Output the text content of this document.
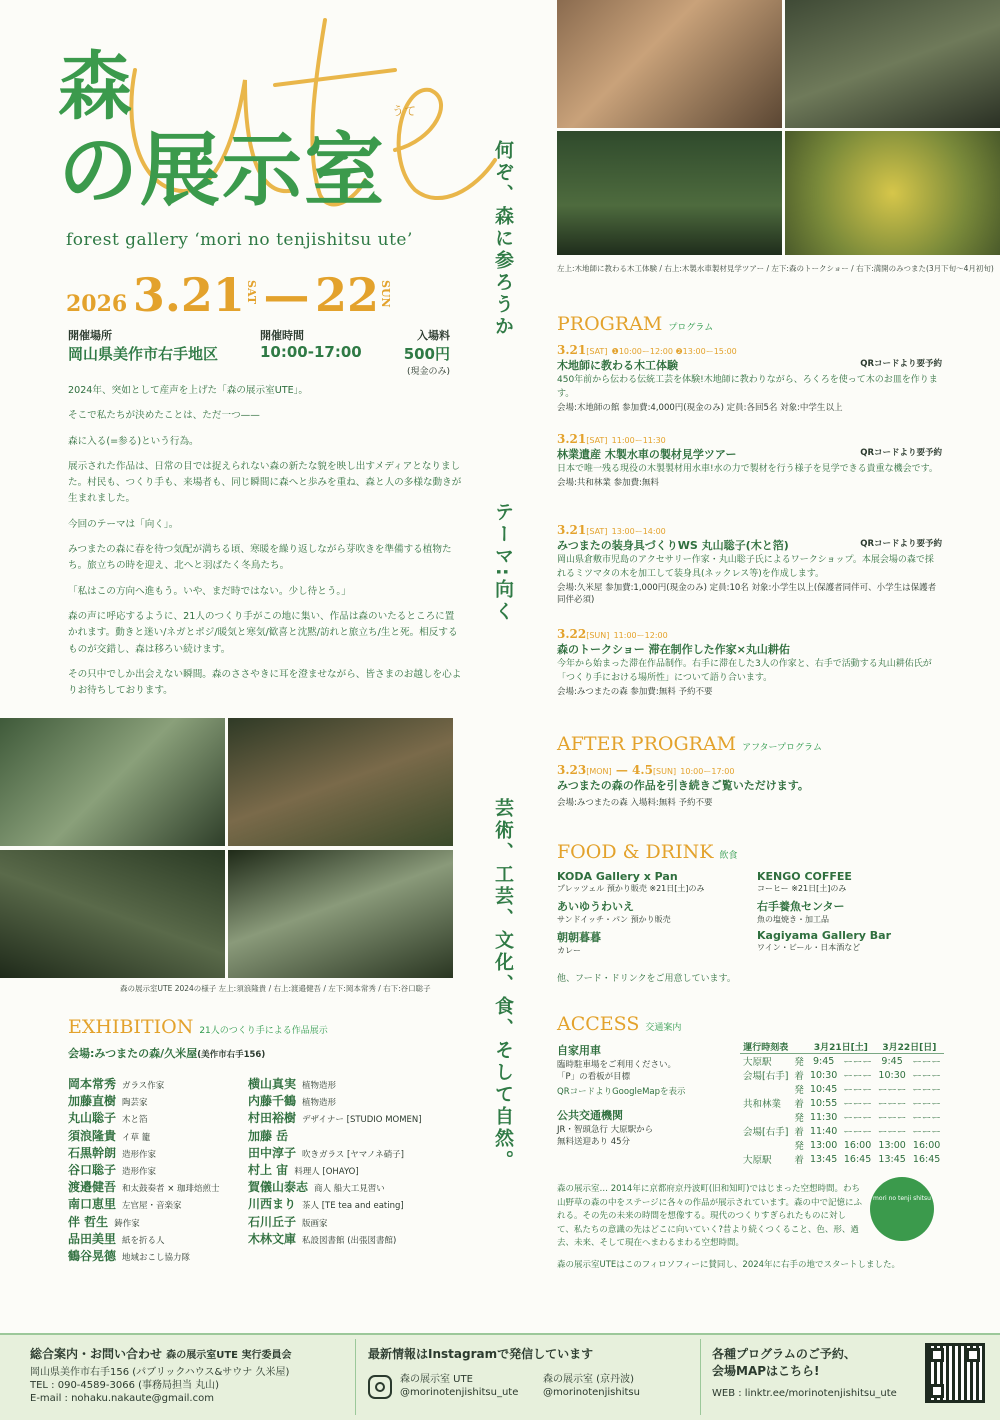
森
の展示室
うて
forest gallery ‘mori no tenjishitsu ute’
2026 3.21SAT — 22SUN
開催場所
岡山県美作市右手地区
開催時間
10:00-17:00
入場料
500円
(現金のみ)

2024年、突如として産声を上げた「森の展示室UTE」。

そこで私たちが決めたことは、ただ一つ——

森に入る(=参る)という行為。

展示された作品は、日常の目では捉えられない森の新たな貌を映し出すメディアとなりました。村民も、つくり手も、来場者も、同じ瞬間に森へと歩みを重ね、森と人の多様な動きが生まれました。

今回のテーマは「向く」。

みつまたの森に春を待つ気配が満ちる頃、寒暖を繰り返しながら芽吹きを準備する植物たち。旅立ちの時を迎え、北へと羽ばたく冬鳥たち。

「私はこの方向へ進もう。いや、まだ時ではない。少し待とう。」

森の声に呼応するように、21人のつくり手がこの地に集い、作品は森のいたるところに置かれます。動きと迷い/ネガとポジ/暖気と寒気/歓喜と沈黙/訪れと旅立ち/生と死。相反するものが交錯し、森は移ろい続けます。

その只中でしか出会えない瞬間。森のささやきに耳を澄ませながら、皆さまのお越しを心よりお待ちしております。

何ぞ、森に参ろうか
テーマ:向く
芸術、工芸、文化、食、そして自然。
左上:木地師に教わる木工体験 / 右上:木製水車製材見学ツアー / 左下:森のトークショー / 右下:満開のみつまた(3月下旬〜4月初旬)
PROGRAM プログラム
3.21[SAT] ❶10:00ー12:00 ❷13:00ー15:00
木地師に教わる木工体験	QRコードより要予約
450年前から伝わる伝統工芸を体験!木地師に教わりながら、ろくろを使って木のお皿を作ります。
会場:木地師の館 参加費:4,000円(現金のみ) 定員:各回5名 対象:中学生以上
3.21[SAT] 11:00ー11:30
林業遺産 木製水車の製材見学ツアー	QRコードより要予約
日本で唯一残る現役の木製製材用水車!水の力で製材を行う様子を見学できる貴重な機会です。
会場:共和林業 参加費:無料
3.21[SAT] 13:00ー14:00
みつまたの装身具づくりWS 丸山聡子(木と箔)	QRコードより要予約
岡山県倉敷市児島のアクセサリー作家・丸山聡子氏によるワークショップ。本展会場の森で採れるミツマタの木を加工して装身具(ネックレス等)を作成します。
会場:久米屋 参加費:1,000円(現金のみ) 定員:10名 対象:小学生以上(保護者同伴可、小学生は保護者同伴必須)
3.22[SUN] 11:00ー12:00
森のトークショー 滞在制作した作家×丸山耕佑
今年から始まった滞在作品制作。右手に滞在した3人の作家と、右手で活動する丸山耕佑氏が「つくり手における場所性」について語り合います。
会場:みつまたの森 参加費:無料 予約不要
AFTER PROGRAM アフタープログラム
3.23[MON] — 4.5[SUN] 10:00ー17:00
みつまたの森の作品を引き続きご覧いただけます。
会場:みつまたの森 入場料:無料 予約不要
FOOD & DRINK 飲食
KODA Gallery x Pan
プレッツェル 預かり販売 ※21日[土]のみ
あいゆうわいえ
サンドイッチ・パン 預かり販売
朝朝暮暮
カレー
KENGO COFFEE
コーヒー ※21日[土]のみ
右手養魚センター
魚の塩焼き・加工品
Kagiyama Gallery Bar
ワイン・ビール・日本酒など
他、フード・ドリンクをご用意しています。
森の展示室UTE 2024の様子 左上:須浪隆貴 / 右上:渡邉健吾 / 左下:岡本常秀 / 右下:谷口聡子
EXHIBITION 21人のつくり手による作品展示
会場:みつまたの森/久米屋(美作市右手156)
岡本常秀 ガラス作家
加藤直樹 陶芸家
丸山聡子 木と箔
須浪隆貴 イ草 籠
石黒幹朗 造形作家
谷口聡子 造形作家
渡邉健吾 和太鼓奏者 × 珈琲焙煎士
南口恵里 左官屋・音楽家
伴 哲生 鋳作家
品田美里 紙を折る人
鶴谷晃德 地域おこし協力隊
横山真実 植物造形
内藤千鶴 植物造形
村田裕樹 デザイナー [STUDIO MOMEN]
加藤 岳
田中淳子 吹きガラス [ヤマノネ硝子]
村上 宙 料理人 [OHAYO]
賀儀山泰志 商人 船大工見習い
川西まり 茶人 [TE tea and eating]
石川丘子 版画家
木林文庫 私設図書館 (出張図書館)
ACCESS 交通案内
自家用車
臨時駐車場をご利用ください。
「P」の看板が目標
QRコードよりGoogleMapを表示
公共交通機関
JR・智頭急行 大原駅から
無料送迎あり 45分
運行時刻表		3月21日[土]		3月22日[日]	
大原駅	発	9:45	ーーー	9:45	ーーー
会場[右手]	着	10:30	ーーー	10:30	ーーー
	発	10:45	ーーー	ーーー	ーーー
共和林業	着	10:55	ーーー	ーーー	ーーー
	発	11:30	ーーー	ーーー	ーーー
会場[右手]	着	11:40	ーーー	ーーー	ーーー
	発	13:00	16:00	13:00	16:00
大原駅	着	13:45	16:45	13:45	16:45
森の展示室… 2014年に京都府京丹波町(旧和知町)ではじまった空想時間。わち山野草の森の中をステージに各々の作品が展示されています。森の中で記憶にふれる。その先の未来の時間を想像する。現代のつくりすぎられたものに対して、私たちの意識の先はどこに向いていく?昔より続くつくること、色、形、過去、未来、そして現在へまわるまわる空想時間。
森の展示室UTEはこのフィロソフィーに賛同し、2024年に右手の地でスタートしました。
mori no tenji shitsu
総合案内・お問い合わせ 森の展示室UTE 実行委員会
岡山県美作市右手156 (パブリックハウス&サウナ 久米屋)
TEL : 090-4589-3066 (事務局担当 丸山)
E-mail : nohaku.nakaute@gmail.com
最新情報はInstagramで発信しています
森の展示室 UTE
@morinotenjishitsu_ute
森の展示室 (京丹波)
@morinotenjishitsu
各種プログラムのご予約、
会場MAPはこちら!
WEB : linktr.ee/morinotenjishitsu_ute
